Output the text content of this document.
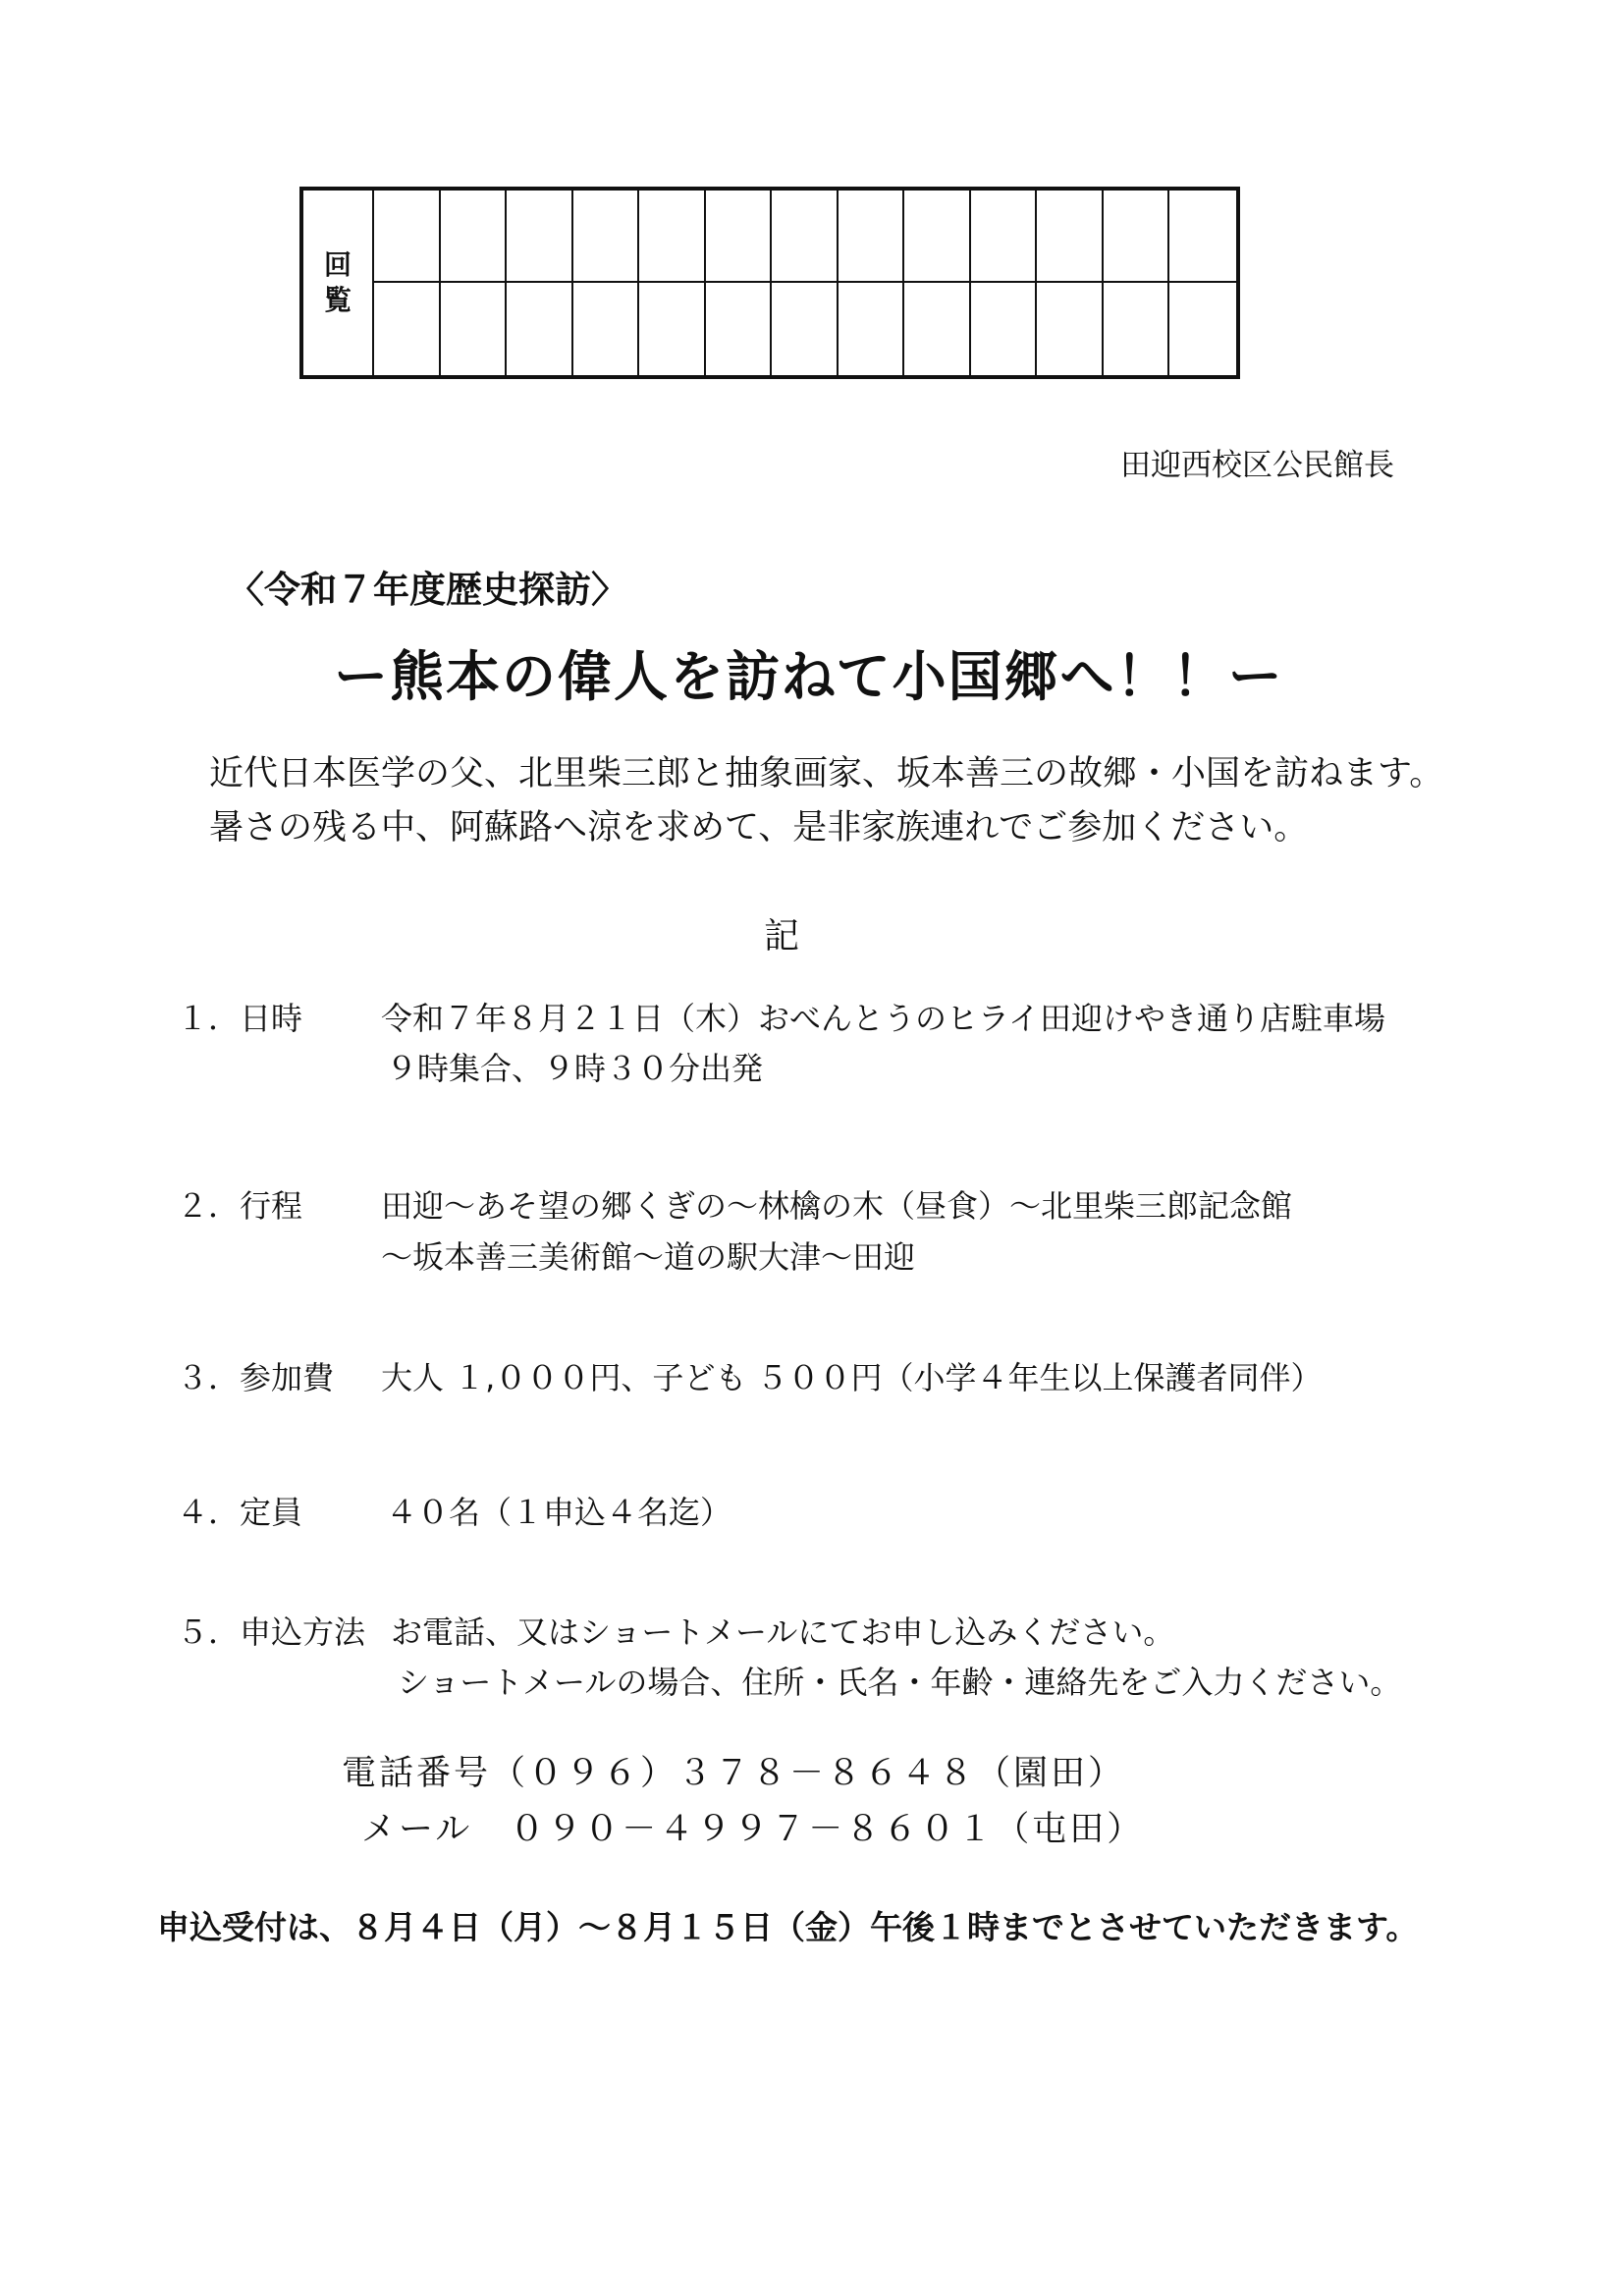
回
覧
田迎西校区公民館長
〈令和７年度歴史探訪〉
ー熊本の偉人を訪ねて小国郷へ！！ー
近代日本医学の父、北里柴三郎と抽象画家、坂本善三の故郷・小国を訪ねます。
暑さの残る中、阿蘇路へ涼を求めて、是非家族連れでご参加ください。
記
１．日時 令和７年８月２１日（木）おべんとうのヒライ田迎けやき通り店駐車場
９時集合、９時３０分出発
２．行程 田迎～あそ望の郷くぎの～林檎の木（昼食）～北里柴三郎記念館
～坂本善三美術館～道の駅大津～田迎
３．参加費 大人 １,０００円、子ども ５００円（小学４年生以上保護者同伴）
４．定員	４０名（１申込４名迄）
５．申込方法 お電話、又はショートメールにてお申し込みください。
ショートメールの場合、住所・氏名・年齢・連絡先をご入力ください。
電話番号（０９６）３７８－８６４８（園田）
メール　０９０－４９９７－８６０１（屯田）
申込受付は、８月４日（月）～８月１５日（金）午後１時までとさせていただきます。
